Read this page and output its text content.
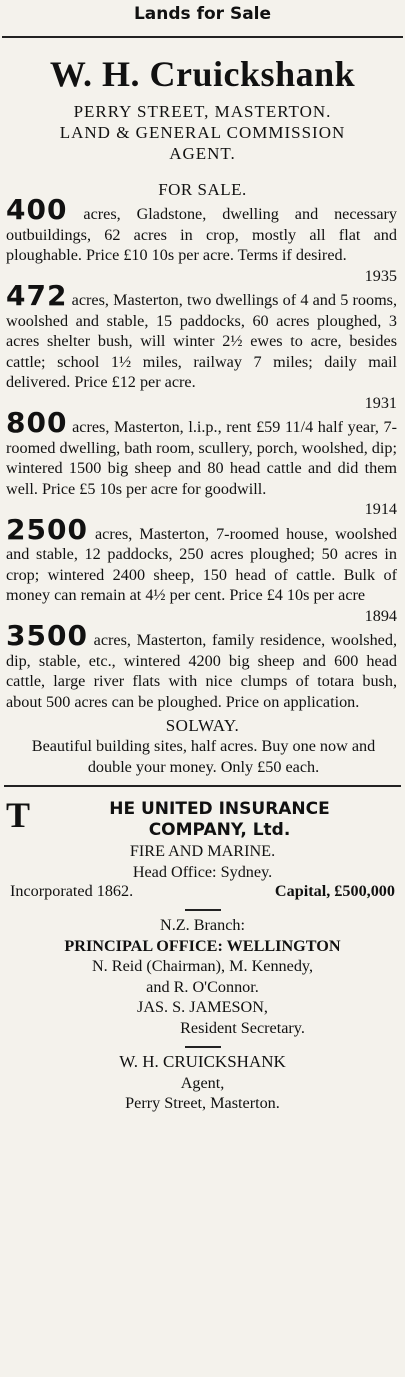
Lands for Sale
W. H. Cruickshank
PERRY STREET, MASTERTON.
LAND & GENERAL COMMISSION
AGENT.
FOR SALE.
400 acres, Gladstone, dwelling and necessary outbuildings, 62 acres in crop, mostly all flat and ploughable. Price £10 10s per acre. Terms if desired.
1935
472 acres, Masterton, two dwellings of 4 and 5 rooms, woolshed and stable, 15 paddocks, 60 acres ploughed, 3 acres shelter bush, will winter 2½ ewes to acre, besides cattle; school 1½ miles, railway 7 miles; daily mail delivered. Price £12 per acre.
1931
800 acres, Masterton, l.i.p., rent £59 11/4 half year, 7-roomed dwelling, bath room, scullery, porch, woolshed, dip; wintered 1500 big sheep and 80 head cattle and did them well. Price £5 10s per acre for goodwill.
1914
2500 acres, Masterton, 7-roomed house, woolshed and stable, 12 paddocks, 250 acres ploughed; 50 acres in crop; wintered 2400 sheep, 150 head of cattle. Bulk of money can remain at 4½ per cent. Price £4 10s per acre
1894
3500 acres, Masterton, family residence, woolshed, dip, stable, etc., wintered 4200 big sheep and 600 head cattle, large river flats with nice clumps of totara bush, about 500 acres can be ploughed. Price on application.
SOLWAY.
Beautiful building sites, half acres. Buy one now and double your money. Only £50 each.
T	HE UNITED INSURANCE
COMPANY, Ltd.
FIRE AND MARINE.
Head Office: Sydney.
Incorporated 1862.	Capital, £500,000
N.Z. Branch:
PRINCIPAL OFFICE: WELLINGTON
N. Reid (Chairman), M. Kennedy,
and R. O'Connor.
JAS. S. JAMESON,
Resident Secretary.
W. H. CRUICKSHANK
Agent,
Perry Street, Masterton.
